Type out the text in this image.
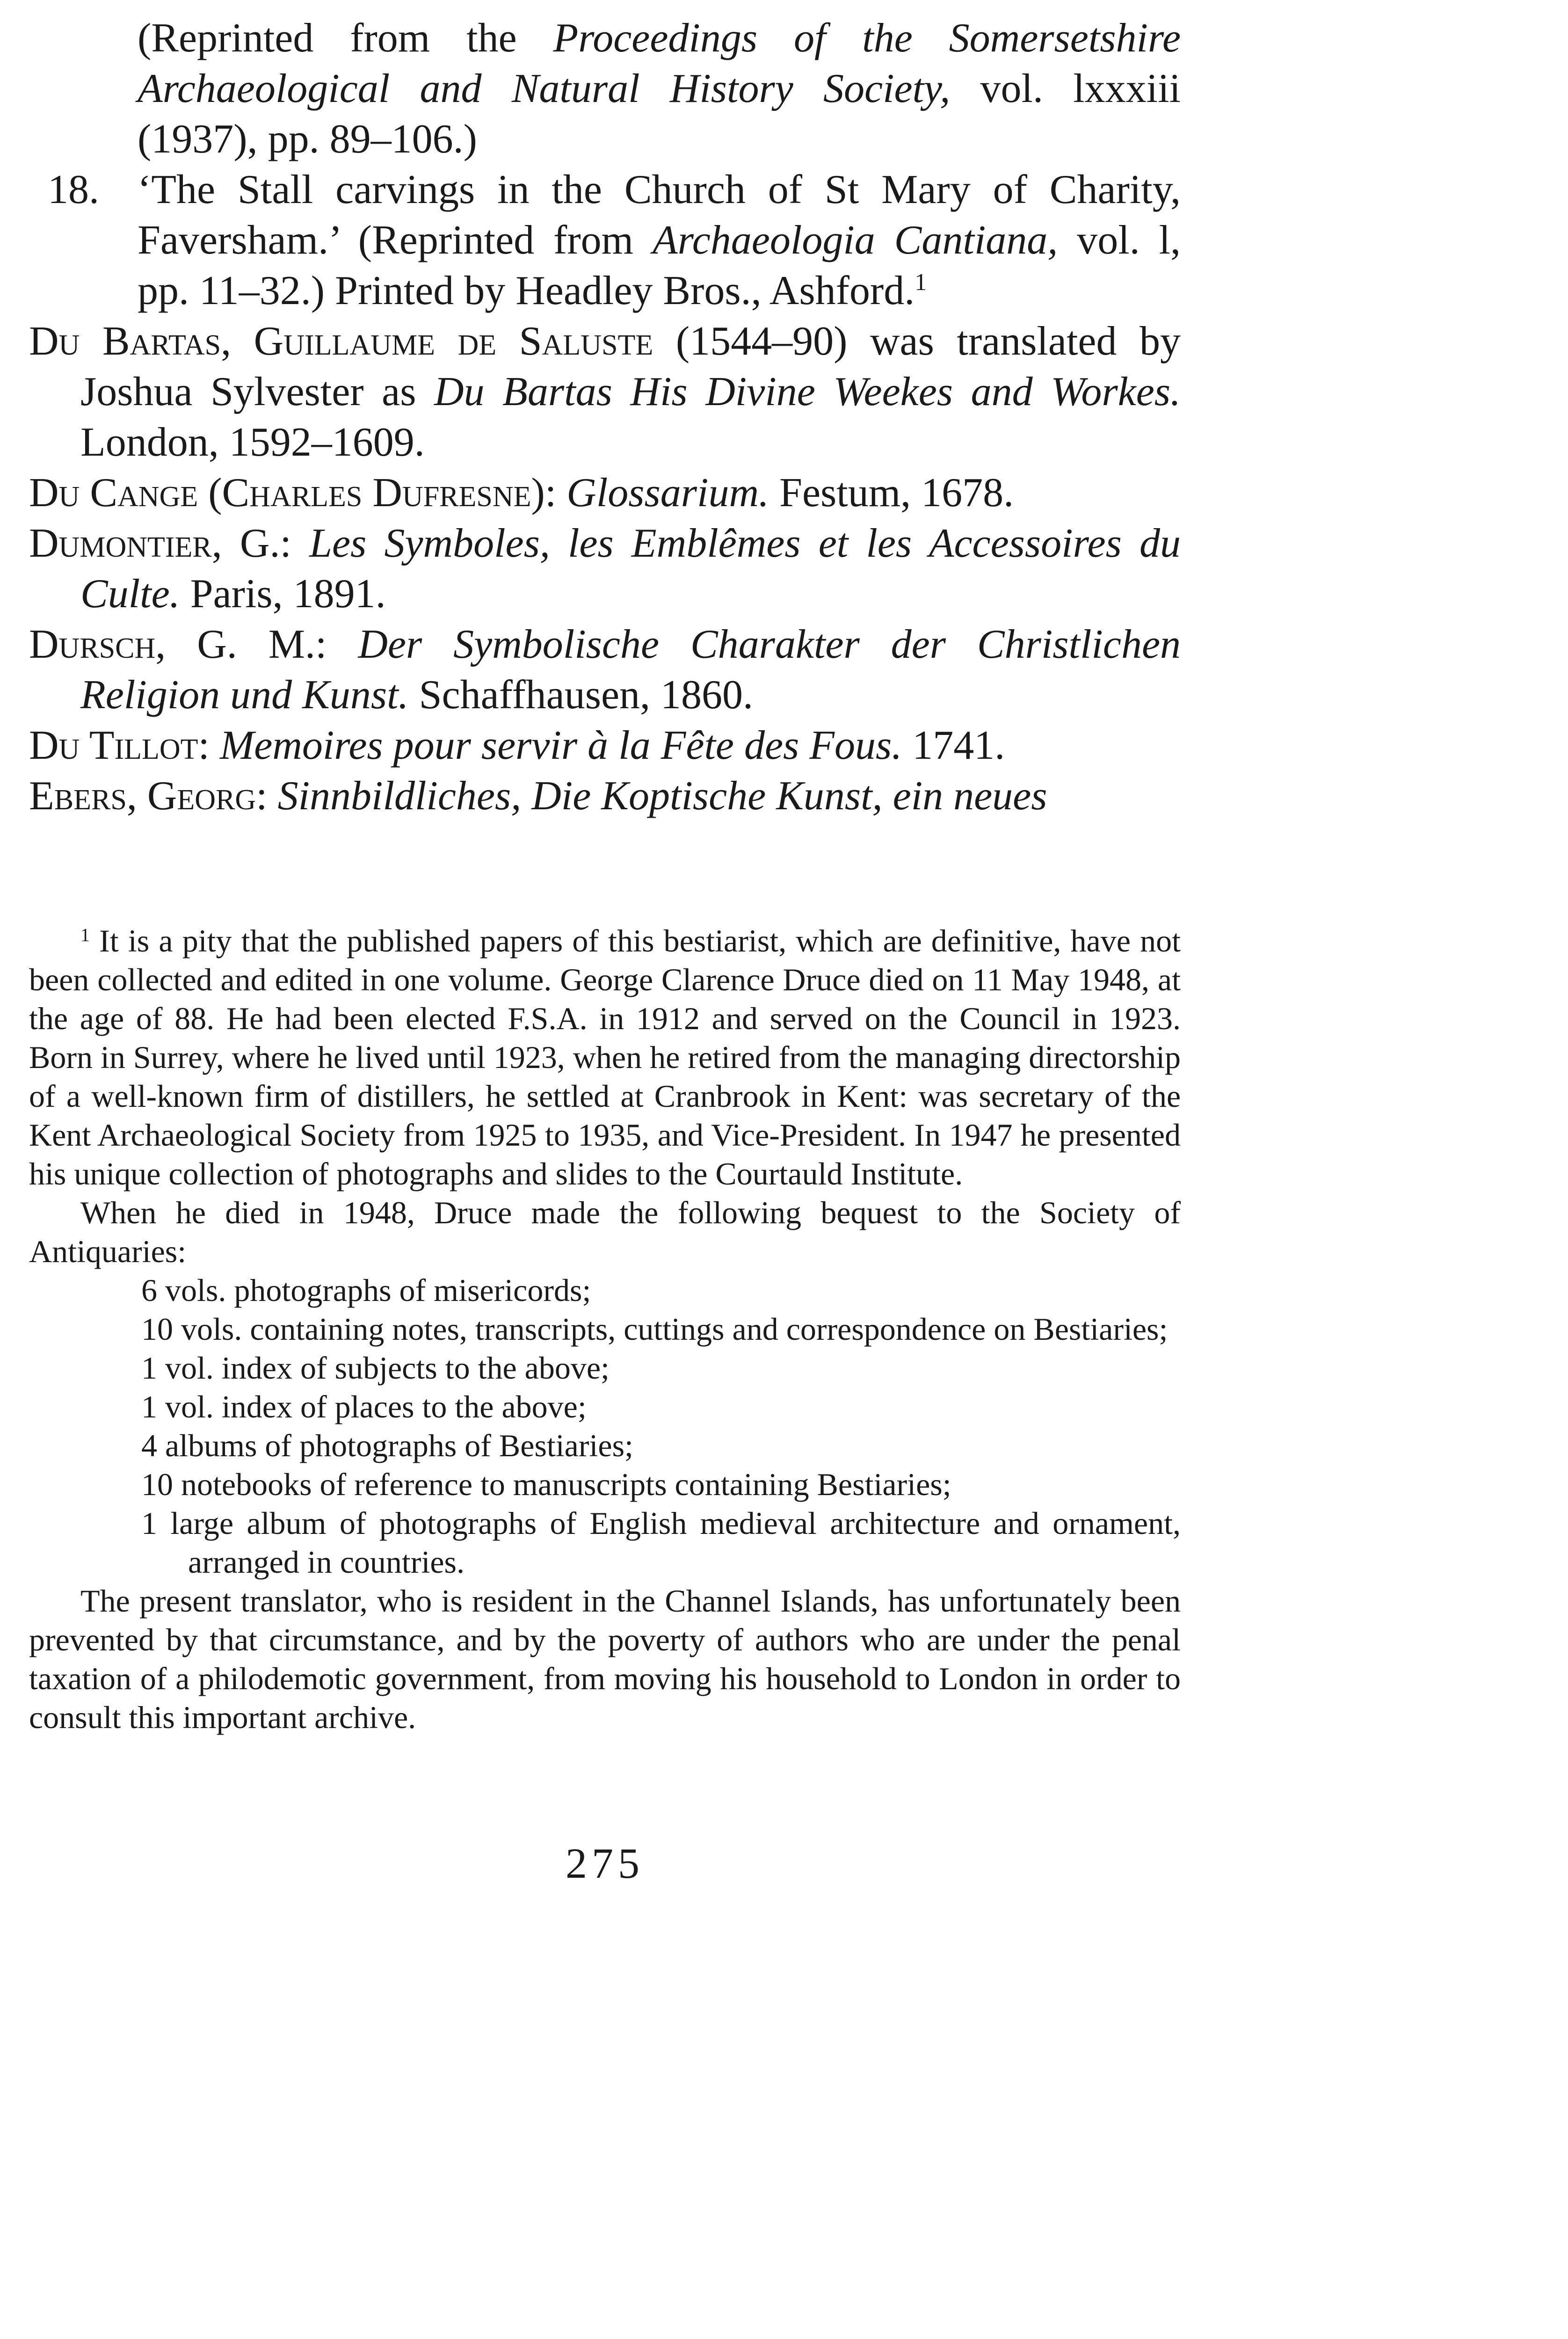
(Reprinted from the Proceedings of the Somersetshire Archaeological and Natural History Society, vol. lxxxiii (1937), pp. 89–106.)

18. ‘The Stall carvings in the Church of St Mary of Charity, Faversham.’ (Reprinted from Archaeologia Cantiana, vol. l, pp. 11–32.) Printed by Headley Bros., Ashford.$^1$

Du Bartas, Guillaume de Saluste (1544–90) was translated by Joshua Sylvester as Du Bartas His Divine Weekes and Workes. London, 1592–1609.

Du Cange (Charles Dufresne): Glossarium. Festum, 1678.

Dumontier, G.: Les Symboles, les Emblêmes et les Accessoires du Culte. Paris, 1891.

Dursch, G. M.: Der Symbolische Charakter der Christlichen Religion und Kunst. Schaffhausen, 1860.

Du Tillot: Memoires pour servir à la Fête des Fous. 1741.

Ebers, Georg: Sinnbildliches, Die Koptische Kunst, ein neues

$^1$ It is a pity that the published papers of this bestiarist, which are definitive, have not been collected and edited in one volume. George Clarence Druce died on 11 May 1948, at the age of 88. He had been elected F.S.A. in 1912 and served on the Council in 1923. Born in Surrey, where he lived until 1923, when he retired from the managing directorship of a well-known firm of distillers, he settled at Cranbrook in Kent: was secretary of the Kent Archaeological Society from 1925 to 1935, and Vice-President. In 1947 he presented his unique collection of photographs and slides to the Courtauld Institute.

When he died in 1948, Druce made the following bequest to the Society of Antiquaries:

6 vols. photographs of misericords;
10 vols. containing notes, transcripts, cuttings and correspondence on Bestiaries;
1 vol. index of subjects to the above;
1 vol. index of places to the above;
4 albums of photographs of Bestiaries;
10 notebooks of reference to manuscripts containing Bestiaries;
1 large album of photographs of English medieval architecture and ornament, arranged in countries.

The present translator, who is resident in the Channel Islands, has unfortunately been prevented by that circumstance, and by the poverty of authors who are under the penal taxation of a philodemotic government, from moving his household to London in order to consult this important archive.

275
